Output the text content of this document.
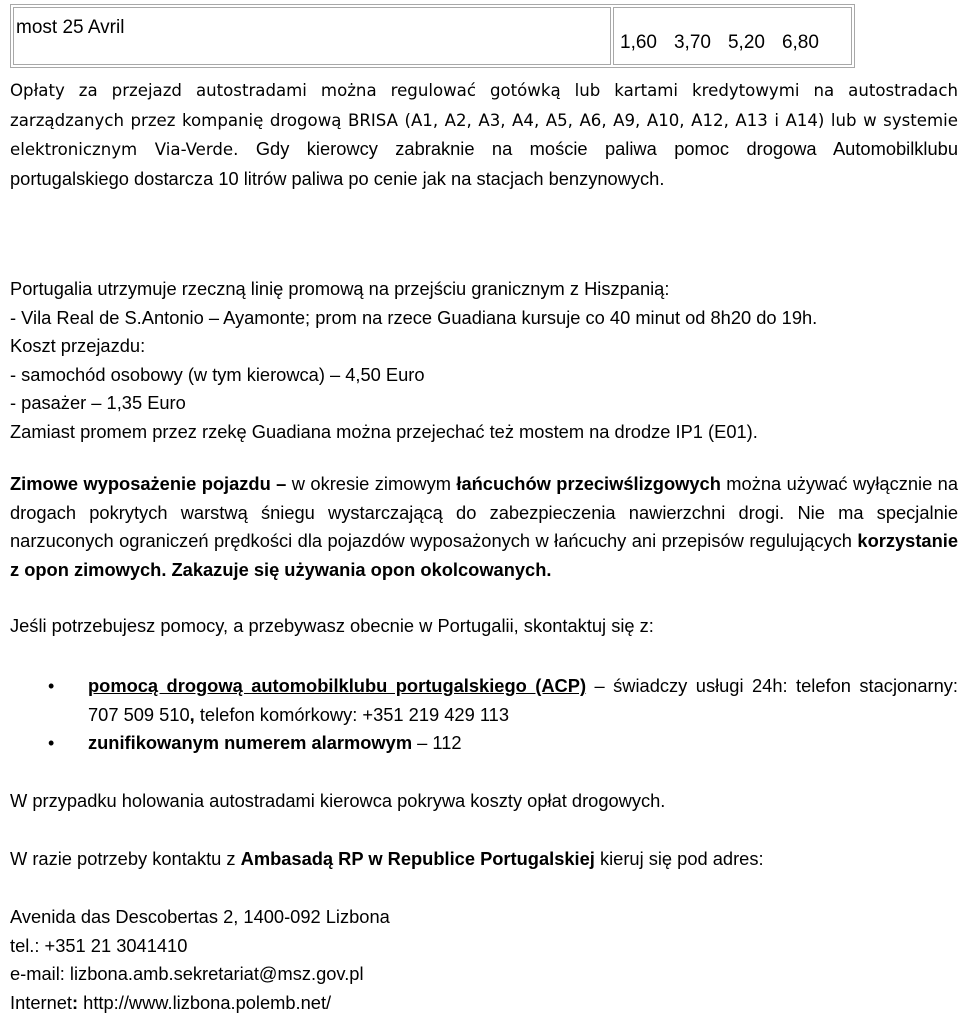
most 25 Avril
1,60 3,70 5,20 6,80

Opłaty za przejazd autostradami można regulować gotówką lub kartami kredytowymi na autostradach zarządzanych przez kompanię drogową BRISA (A1, A2, A3, A4, A5, A6, A9, A10, A12, A13 i A14) lub w systemie elektronicznym Via-Verde. Gdy kierowcy zabraknie na moście paliwa pomoc drogowa Automobilklubu portugalskiego dostarcza 10 litrów paliwa po cenie jak na stacjach benzynowych.

Portugalia utrzymuje rzeczną linię promową na przejściu granicznym z Hiszpanią:
- Vila Real de S.Antonio – Ayamonte; prom na rzece Guadiana kursuje co 40 minut od 8h20 do 19h.
Koszt przejazdu:
- samochód osobowy (w tym kierowca) – 4,50 Euro
- pasażer – 1,35 Euro
Zamiast promem przez rzekę Guadiana można przejechać też mostem na drodze IP1 (E01).

Zimowe wyposażenie pojazdu – w okresie zimowym łańcuchów przeciwślizgowych można używać wyłącznie na drogach pokrytych warstwą śniegu wystarczającą do zabezpieczenia nawierzchni drogi. Nie ma specjalnie narzuconych ograniczeń prędkości dla pojazdów wyposażonych w łańcuchy ani przepisów regulujących korzystanie z opon zimowych. Zakazuje się używania opon okolcowanych.

Jeśli potrzebujesz pomocy, a przebywasz obecnie w Portugalii, skontaktuj się z:
• pomocą drogową automobilklubu portugalskiego (ACP) – świadczy usługi 24h: telefon stacjonarny: 707 509 510, telefon komórkowy: +351 219 429 113
• zunifikowanym numerem alarmowym – 112
W przypadku holowania autostradami kierowca pokrywa koszty opłat drogowych.
W razie potrzeby kontaktu z Ambasadą RP w Republice Portugalskiej kieruj się pod adres:
Avenida das Descobertas 2, 1400-092 Lizbona
tel.: +351 21 3041410
e-mail: lizbona.amb.sekretariat@msz.gov.pl
Internet: http://www.lizbona.polemb.net/
